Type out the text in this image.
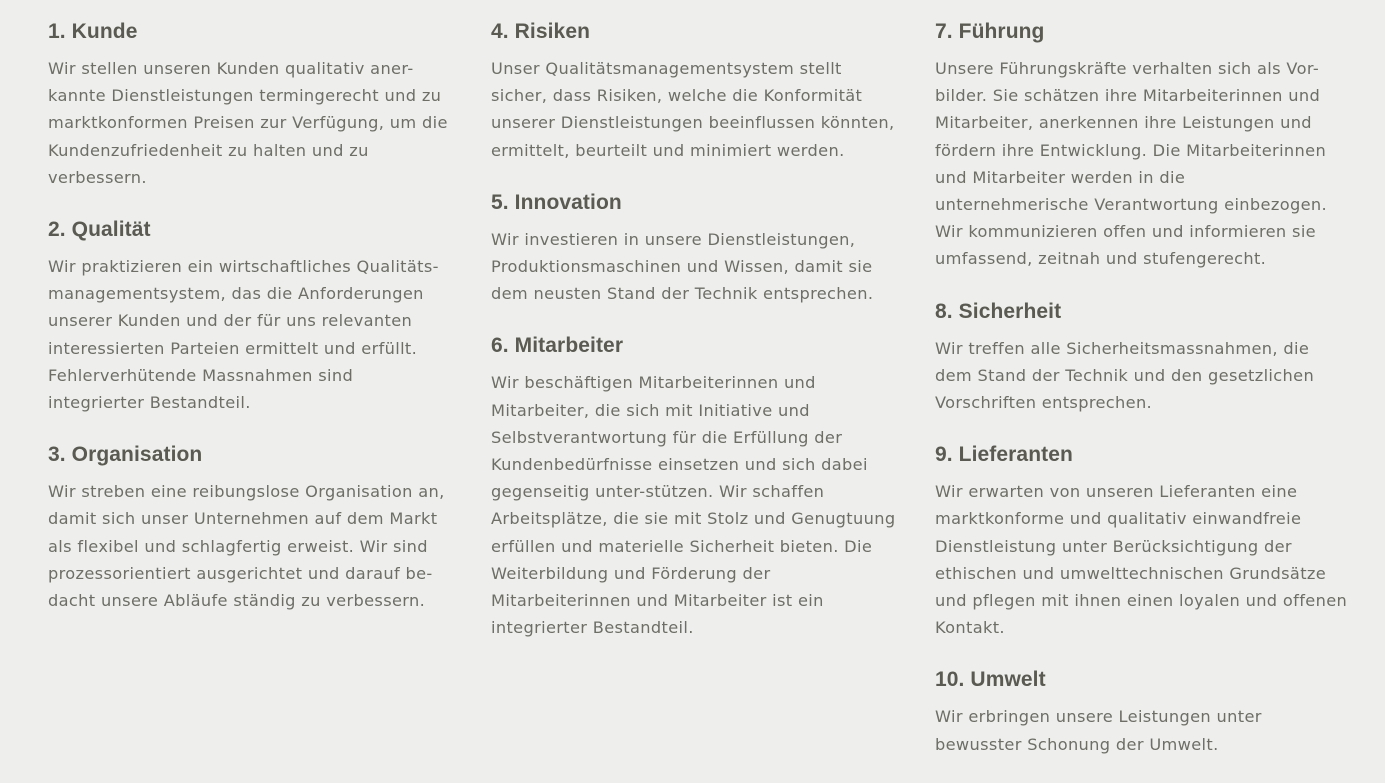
1. Kunde

Wir stellen unseren Kunden qualitativ aner-
kannte Dienstleistungen termingerecht und zu
marktkonformen Preisen zur Verfügung, um die
Kundenzufriedenheit zu halten und zu
verbessern.

2. Qualität

Wir praktizieren ein wirtschaftliches Qualitäts-
managementsystem, das die Anforderungen
unserer Kunden und der für uns relevanten
interessierten Parteien ermittelt und erfüllt.
Fehlerverhütende Massnahmen sind
integrierter Bestandteil.

3. Organisation

Wir streben eine reibungslose Organisation an,
damit sich unser Unternehmen auf dem Markt
als flexibel und schlagfertig erweist. Wir sind
prozessorientiert ausgerichtet und darauf be-
dacht unsere Abläufe ständig zu verbessern.

4. Risiken

Unser Qualitätsmanagementsystem stellt
sicher, dass Risiken, welche die Konformität
unserer Dienstleistungen beeinflussen könnten,
ermittelt, beurteilt und minimiert werden.

5. Innovation

Wir investieren in unsere Dienstleistungen,
Produktionsmaschinen und Wissen, damit sie
dem neusten Stand der Technik entsprechen.

6. Mitarbeiter

Wir beschäftigen Mitarbeiterinnen und
Mitarbeiter, die sich mit Initiative und
Selbstverantwortung für die Erfüllung der
Kundenbedürfnisse einsetzen und sich dabei
gegenseitig unter-stützen. Wir schaffen
Arbeitsplätze, die sie mit Stolz und Genugtuung
erfüllen und materielle Sicherheit bieten. Die
Weiterbildung und Förderung der
Mitarbeiterinnen und Mitarbeiter ist ein
integrierter Bestandteil.

7. Führung

Unsere Führungskräfte verhalten sich als Vor-
bilder. Sie schätzen ihre Mitarbeiterinnen und
Mitarbeiter, anerkennen ihre Leistungen und
fördern ihre Entwicklung. Die Mitarbeiterinnen
und Mitarbeiter werden in die
unternehmerische Verantwortung einbezogen.
Wir kommunizieren offen und informieren sie
umfassend, zeitnah und stufengerecht.

8. Sicherheit

Wir treffen alle Sicherheitsmassnahmen, die
dem Stand der Technik und den gesetzlichen
Vorschriften entsprechen.

9. Lieferanten

Wir erwarten von unseren Lieferanten eine
marktkonforme und qualitativ einwandfreie
Dienstleistung unter Berücksichtigung der
ethischen und umwelttechnischen Grundsätze
und pflegen mit ihnen einen loyalen und offenen
Kontakt.

10. Umwelt

Wir erbringen unsere Leistungen unter
bewusster Schonung der Umwelt.
